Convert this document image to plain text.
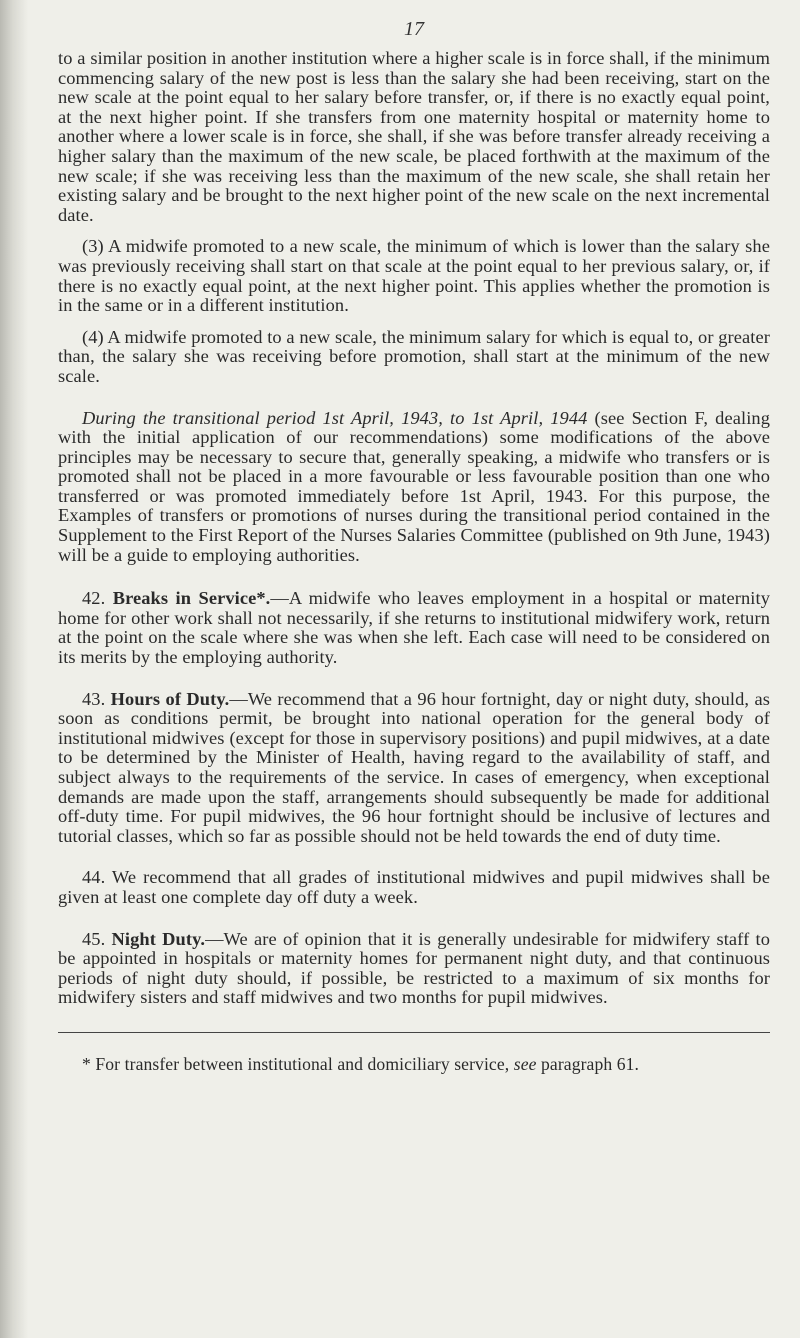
17

to a similar position in another institution where a higher scale is in force shall, if the minimum commencing salary of the new post is less than the salary she had been receiving, start on the new scale at the point equal to her salary before transfer, or, if there is no exactly equal point, at the next higher point. If she transfers from one maternity hospital or maternity home to another where a lower scale is in force, she shall, if she was before transfer already receiving a higher salary than the maximum of the new scale, be placed forthwith at the maximum of the new scale; if she was receiving less than the maximum of the new scale, she shall retain her existing salary and be brought to the next higher point of the new scale on the next incremental date.

(3) A midwife promoted to a new scale, the minimum of which is lower than the salary she was previously receiving shall start on that scale at the point equal to her previous salary, or, if there is no exactly equal point, at the next higher point. This applies whether the promotion is in the same or in a different institution.

(4) A midwife promoted to a new scale, the minimum salary for which is equal to, or greater than, the salary she was receiving before promotion, shall start at the minimum of the new scale.

During the transitional period 1st April, 1943, to 1st April, 1944 (see Section F, dealing with the initial application of our recommendations) some modifications of the above principles may be necessary to secure that, generally speaking, a midwife who transfers or is promoted shall not be placed in a more favourable or less favourable position than one who transferred or was promoted immediately before 1st April, 1943. For this purpose, the Examples of transfers or promotions of nurses during the transitional period contained in the Supplement to the First Report of the Nurses Salaries Committee (published on 9th June, 1943) will be a guide to employing authorities.

42. Breaks in Service*.—A midwife who leaves employment in a hospital or maternity home for other work shall not necessarily, if she returns to institutional midwifery work, return at the point on the scale where she was when she left. Each case will need to be considered on its merits by the employing authority.

43. Hours of Duty.—We recommend that a 96 hour fortnight, day or night duty, should, as soon as conditions permit, be brought into national operation for the general body of institutional midwives (except for those in supervisory positions) and pupil midwives, at a date to be determined by the Minister of Health, having regard to the availability of staff, and subject always to the requirements of the service. In cases of emergency, when exceptional demands are made upon the staff, arrangements should subsequently be made for additional off-duty time. For pupil midwives, the 96 hour fortnight should be inclusive of lectures and tutorial classes, which so far as possible should not be held towards the end of duty time.

44. We recommend that all grades of institutional midwives and pupil midwives shall be given at least one complete day off duty a week.

45. Night Duty.—We are of opinion that it is generally undesirable for midwifery staff to be appointed in hospitals or maternity homes for permanent night duty, and that continuous periods of night duty should, if possible, be restricted to a maximum of six months for midwifery sisters and staff midwives and two months for pupil midwives.

* For transfer between institutional and domiciliary service, see paragraph 61.
